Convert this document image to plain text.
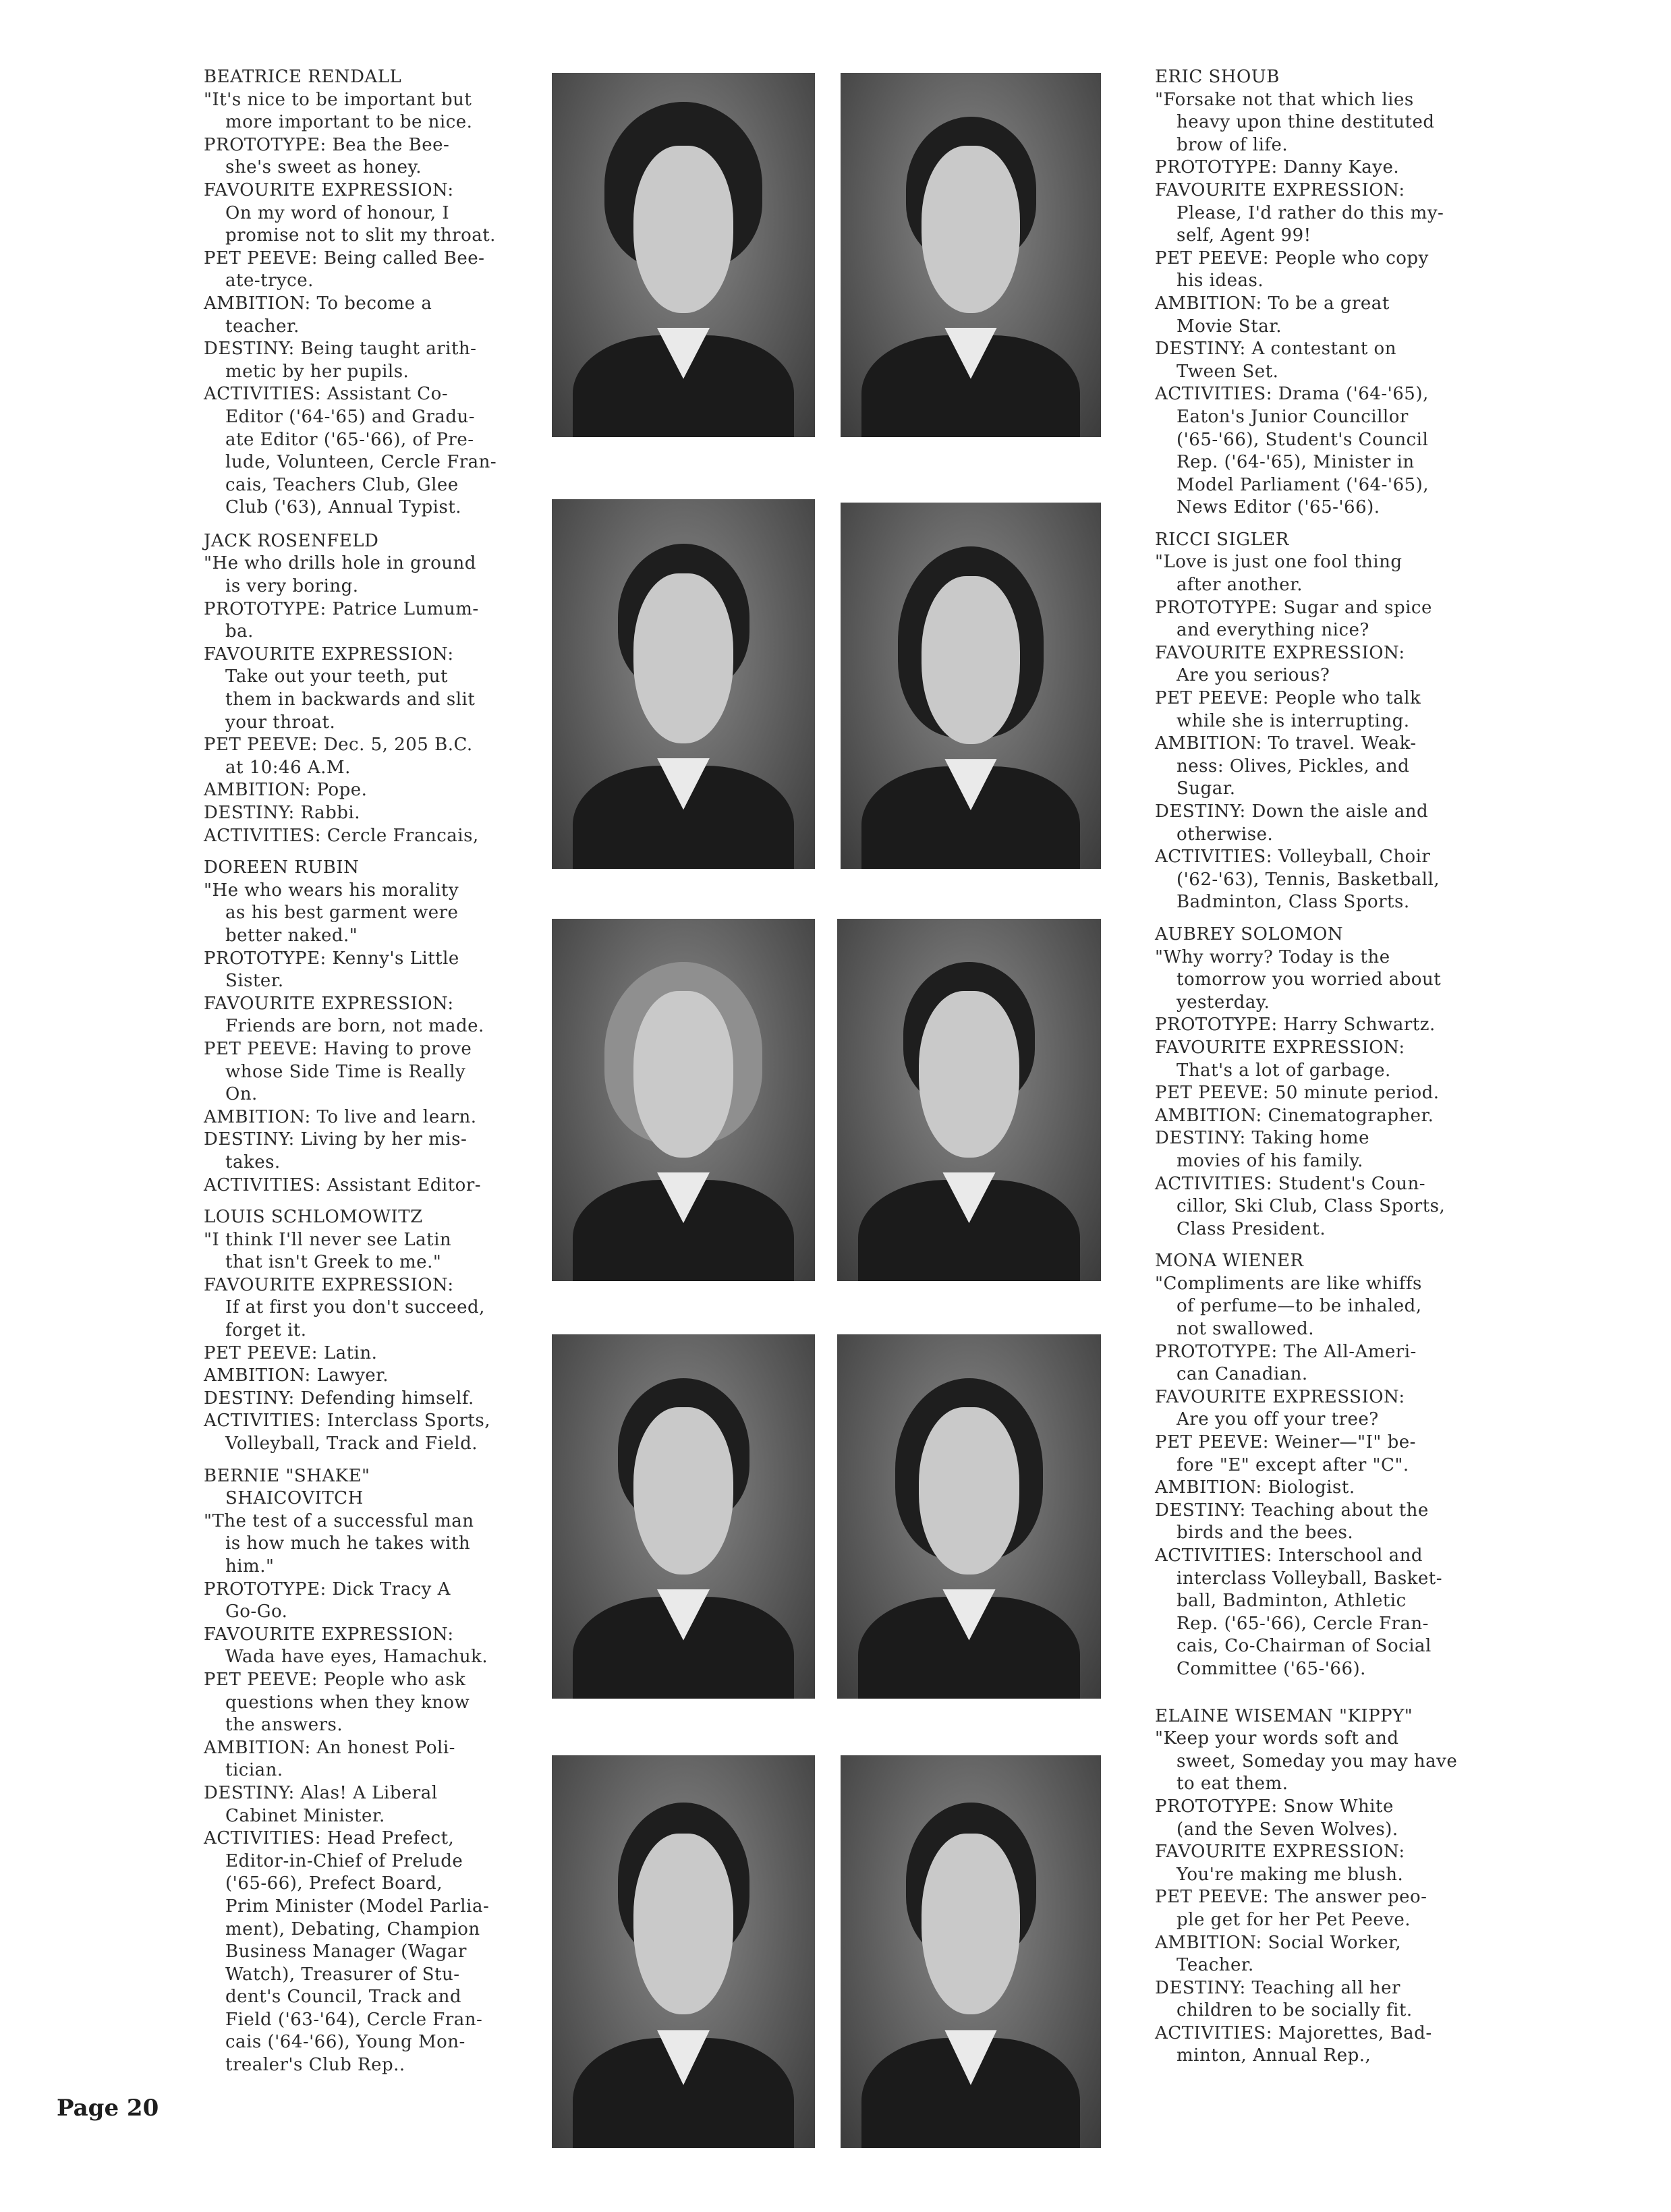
BEATRICE RENDALL
"It's nice to be important but
more important to be nice.
PROTOTYPE: Bea the Bee-
she's sweet as honey.
FAVOURITE EXPRESSION:
On my word of honour, I
promise not to slit my throat.
PET PEEVE: Being called Bee-
ate-tryce.
AMBITION: To become a
teacher.
DESTINY: Being taught arith-
metic by her pupils.
ACTIVITIES: Assistant Co-
Editor ('64-'65) and Gradu-
ate Editor ('65-'66), of Pre-
lude, Volunteen, Cercle Fran-
cais, Teachers Club, Glee
Club ('63), Annual Typist.
JACK ROSENFELD
"He who drills hole in ground
is very boring.
PROTOTYPE: Patrice Lumum-
ba.
FAVOURITE EXPRESSION:
Take out your teeth, put
them in backwards and slit
your throat.
PET PEEVE: Dec. 5, 205 B.C.
at 10:46 A.M.
AMBITION: Pope.
DESTINY: Rabbi.
ACTIVITIES: Cercle Francais,
DOREEN RUBIN
"He who wears his morality
as his best garment were
better naked."
PROTOTYPE: Kenny's Little
Sister.
FAVOURITE EXPRESSION:
Friends are born, not made.
PET PEEVE: Having to prove
whose Side Time is Really
On.
AMBITION: To live and learn.
DESTINY: Living by her mis-
takes.
ACTIVITIES: Assistant Editor-
LOUIS SCHLOMOWITZ
"I think I'll never see Latin
that isn't Greek to me."
FAVOURITE EXPRESSION:
If at first you don't succeed,
forget it.
PET PEEVE: Latin.
AMBITION: Lawyer.
DESTINY: Defending himself.
ACTIVITIES: Interclass Sports,
Volleyball, Track and Field.
BERNIE "SHAKE"
SHAICOVITCH
"The test of a successful man
is how much he takes with
him."
PROTOTYPE: Dick Tracy A
Go-Go.
FAVOURITE EXPRESSION:
Wada have eyes, Hamachuk.
PET PEEVE: People who ask
questions when they know
the answers.
AMBITION: An honest Poli-
tician.
DESTINY: Alas! A Liberal
Cabinet Minister.
ACTIVITIES: Head Prefect,
Editor-in-Chief of Prelude
('65-66), Prefect Board,
Prim Minister (Model Parlia-
ment), Debating, Champion
Business Manager (Wagar
Watch), Treasurer of Stu-
dent's Council, Track and
Field ('63-'64), Cercle Fran-
cais ('64-'66), Young Mon-
trealer's Club Rep..
ERIC SHOUB
"Forsake not that which lies
heavy upon thine destituted
brow of life.
PROTOTYPE: Danny Kaye.
FAVOURITE EXPRESSION:
Please, I'd rather do this my-
self, Agent 99!
PET PEEVE: People who copy
his ideas.
AMBITION: To be a great
Movie Star.
DESTINY: A contestant on
Tween Set.
ACTIVITIES: Drama ('64-'65),
Eaton's Junior Councillor
('65-'66), Student's Council
Rep. ('64-'65), Minister in
Model Parliament ('64-'65),
News Editor ('65-'66).
RICCI SIGLER
"Love is just one fool thing
after another.
PROTOTYPE: Sugar and spice
and everything nice?
FAVOURITE EXPRESSION:
Are you serious?
PET PEEVE: People who talk
while she is interrupting.
AMBITION: To travel. Weak-
ness: Olives, Pickles, and
Sugar.
DESTINY: Down the aisle and
otherwise.
ACTIVITIES: Volleyball, Choir
('62-'63), Tennis, Basketball,
Badminton, Class Sports.
AUBREY SOLOMON
"Why worry? Today is the
tomorrow you worried about
yesterday.
PROTOTYPE: Harry Schwartz.
FAVOURITE EXPRESSION:
That's a lot of garbage.
PET PEEVE: 50 minute period.
AMBITION: Cinematographer.
DESTINY: Taking home
movies of his family.
ACTIVITIES: Student's Coun-
cillor, Ski Club, Class Sports,
Class President.
MONA WIENER
"Compliments are like whiffs
of perfume—to be inhaled,
not swallowed.
PROTOTYPE: The All-Ameri-
can Canadian.
FAVOURITE EXPRESSION:
Are you off your tree?
PET PEEVE: Weiner—"I" be-
fore "E" except after "C".
AMBITION: Biologist.
DESTINY: Teaching about the
birds and the bees.
ACTIVITIES: Interschool and
interclass Volleyball, Basket-
ball, Badminton, Athletic
Rep. ('65-'66), Cercle Fran-
cais, Co-Chairman of Social
Committee ('65-'66).
ELAINE WISEMAN "KIPPY"
"Keep your words soft and
sweet, Someday you may have
to eat them.
PROTOTYPE: Snow White
(and the Seven Wolves).
FAVOURITE EXPRESSION:
You're making me blush.
PET PEEVE: The answer peo-
ple get for her Pet Peeve.
AMBITION: Social Worker,
Teacher.
DESTINY: Teaching all her
children to be socially fit.
ACTIVITIES: Majorettes, Bad-
minton, Annual Rep.,
Page 20
